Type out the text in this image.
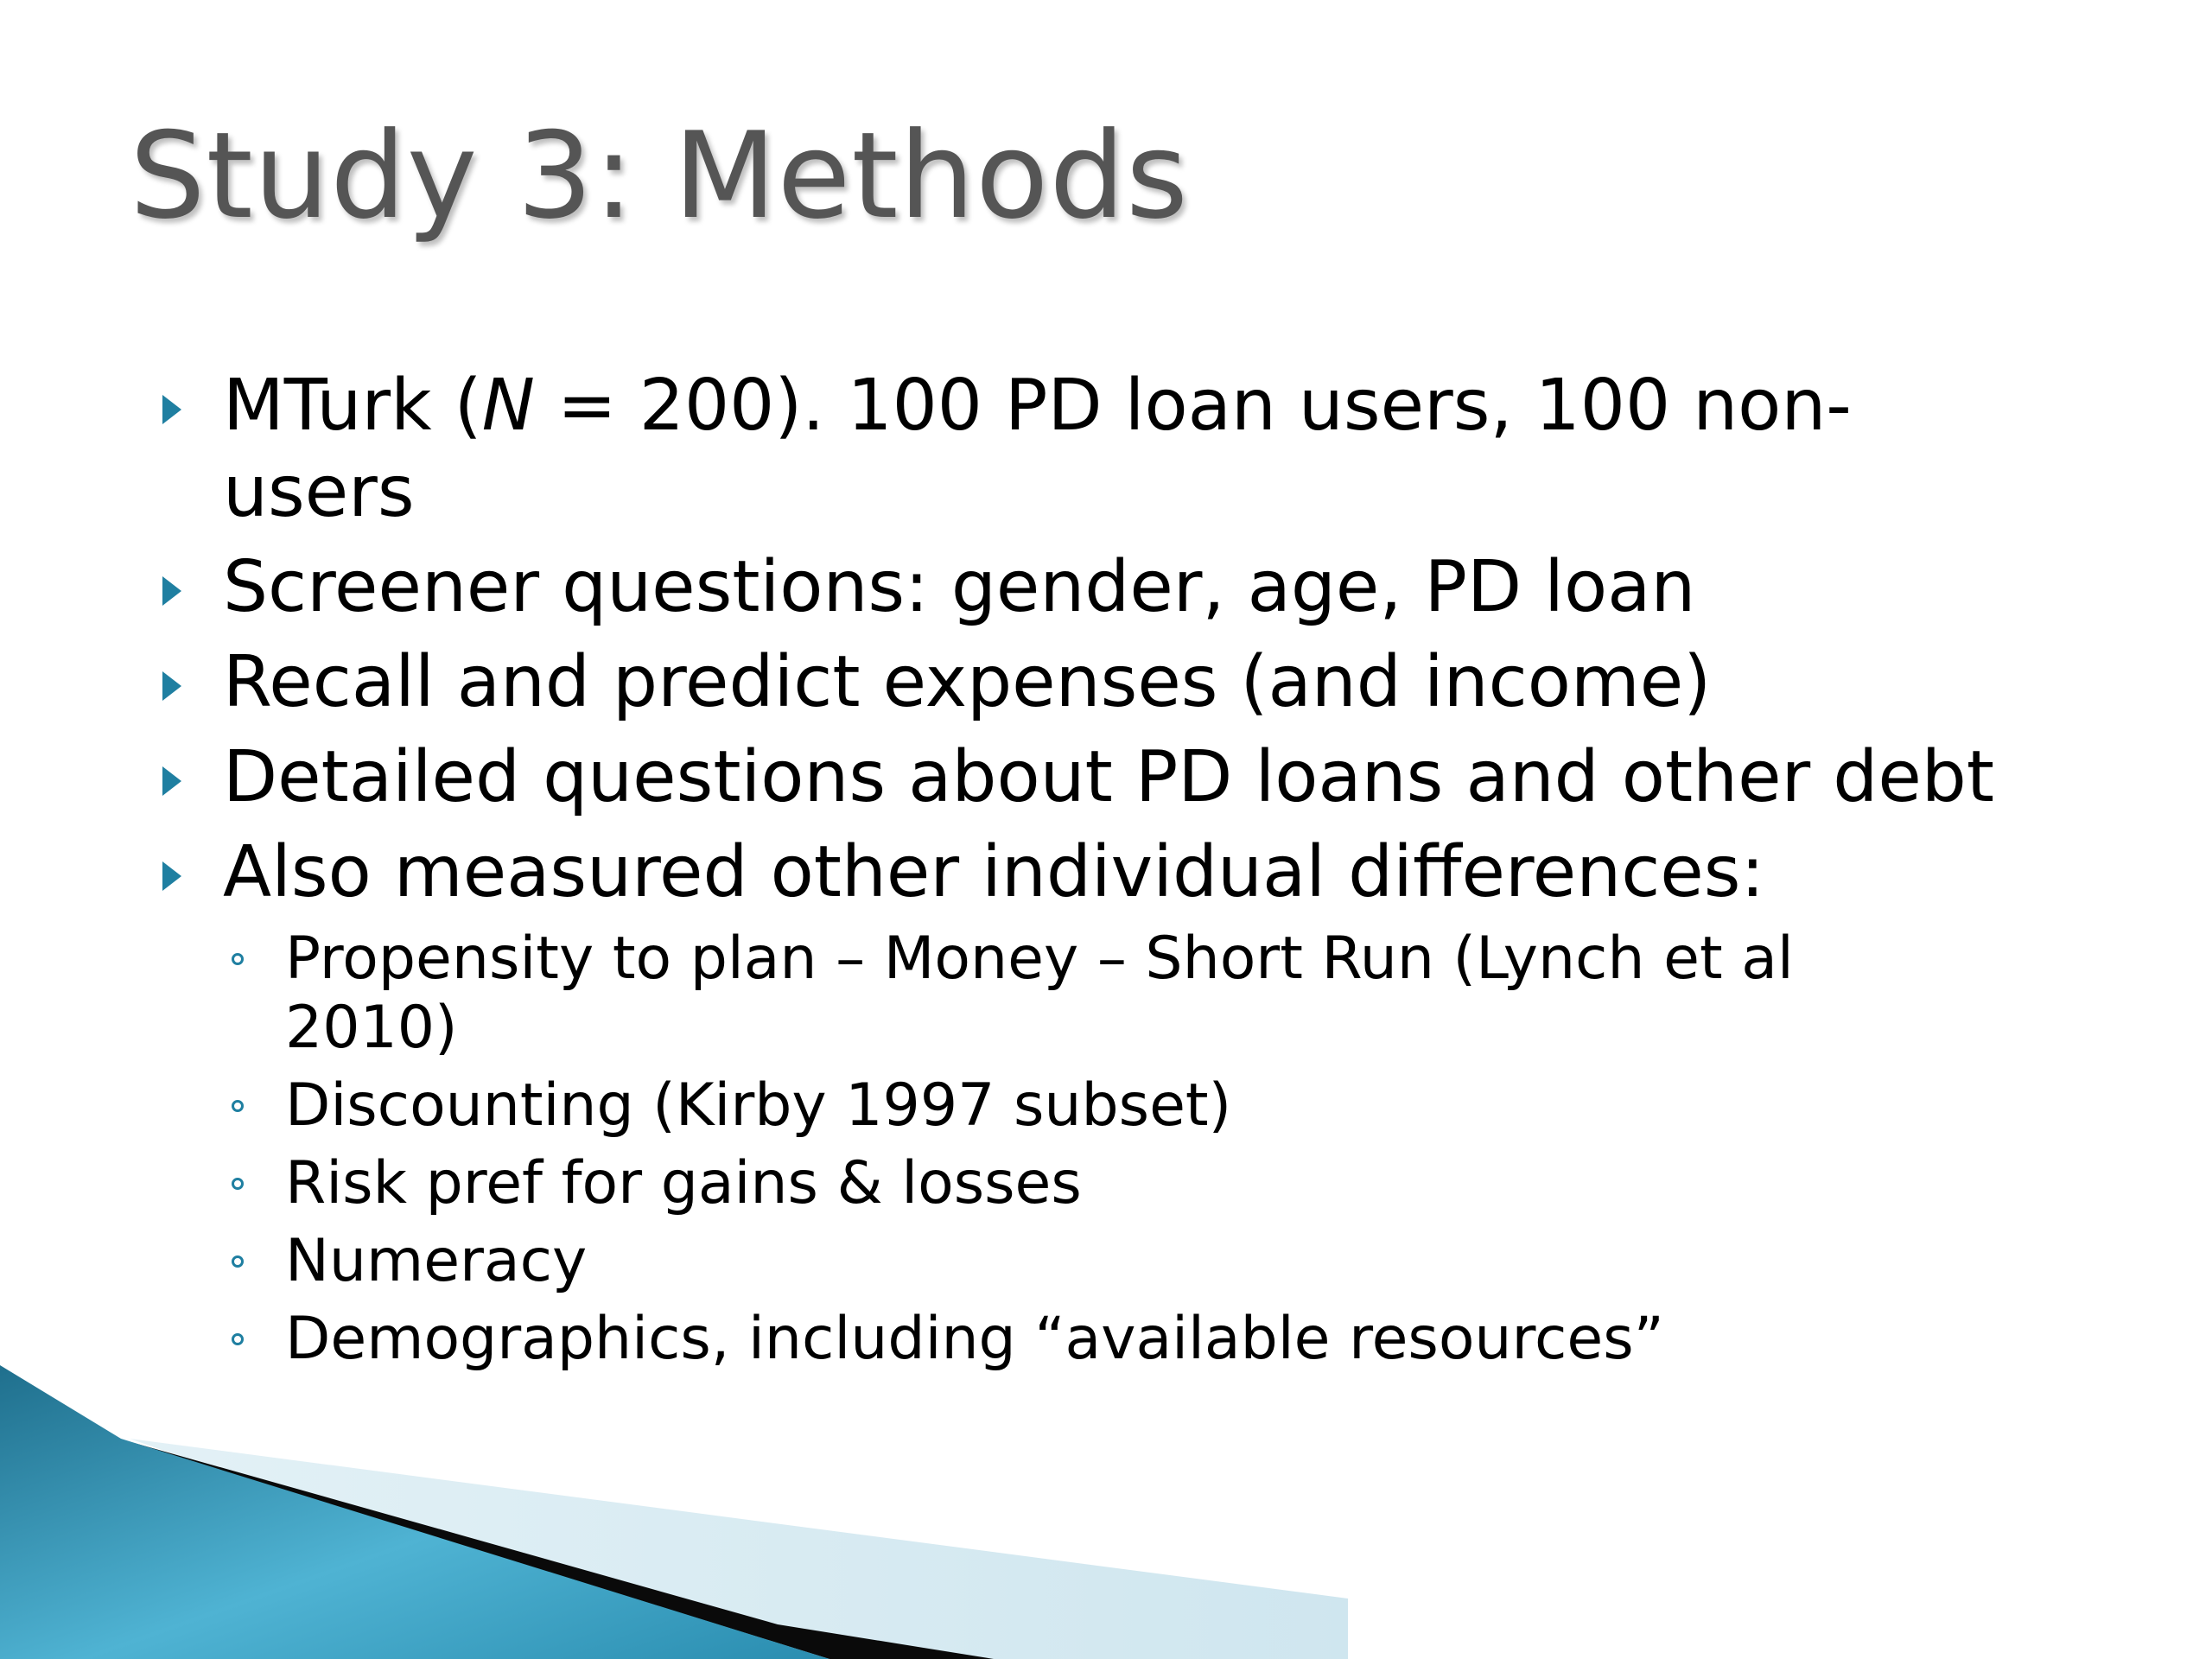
Study 3: Methods
MTurk (N = 200). 100 PD loan users, 100 non-
users
Screener questions: gender, age, PD loan
Recall and predict expenses (and income)
Detailed questions about PD loans and other debt
Also measured other individual differences:
Propensity to plan – Money – Short Run (Lynch et al
2010)
Discounting (Kirby 1997 subset)
Risk pref for gains & losses
Numeracy
Demographics, including “available resources”
